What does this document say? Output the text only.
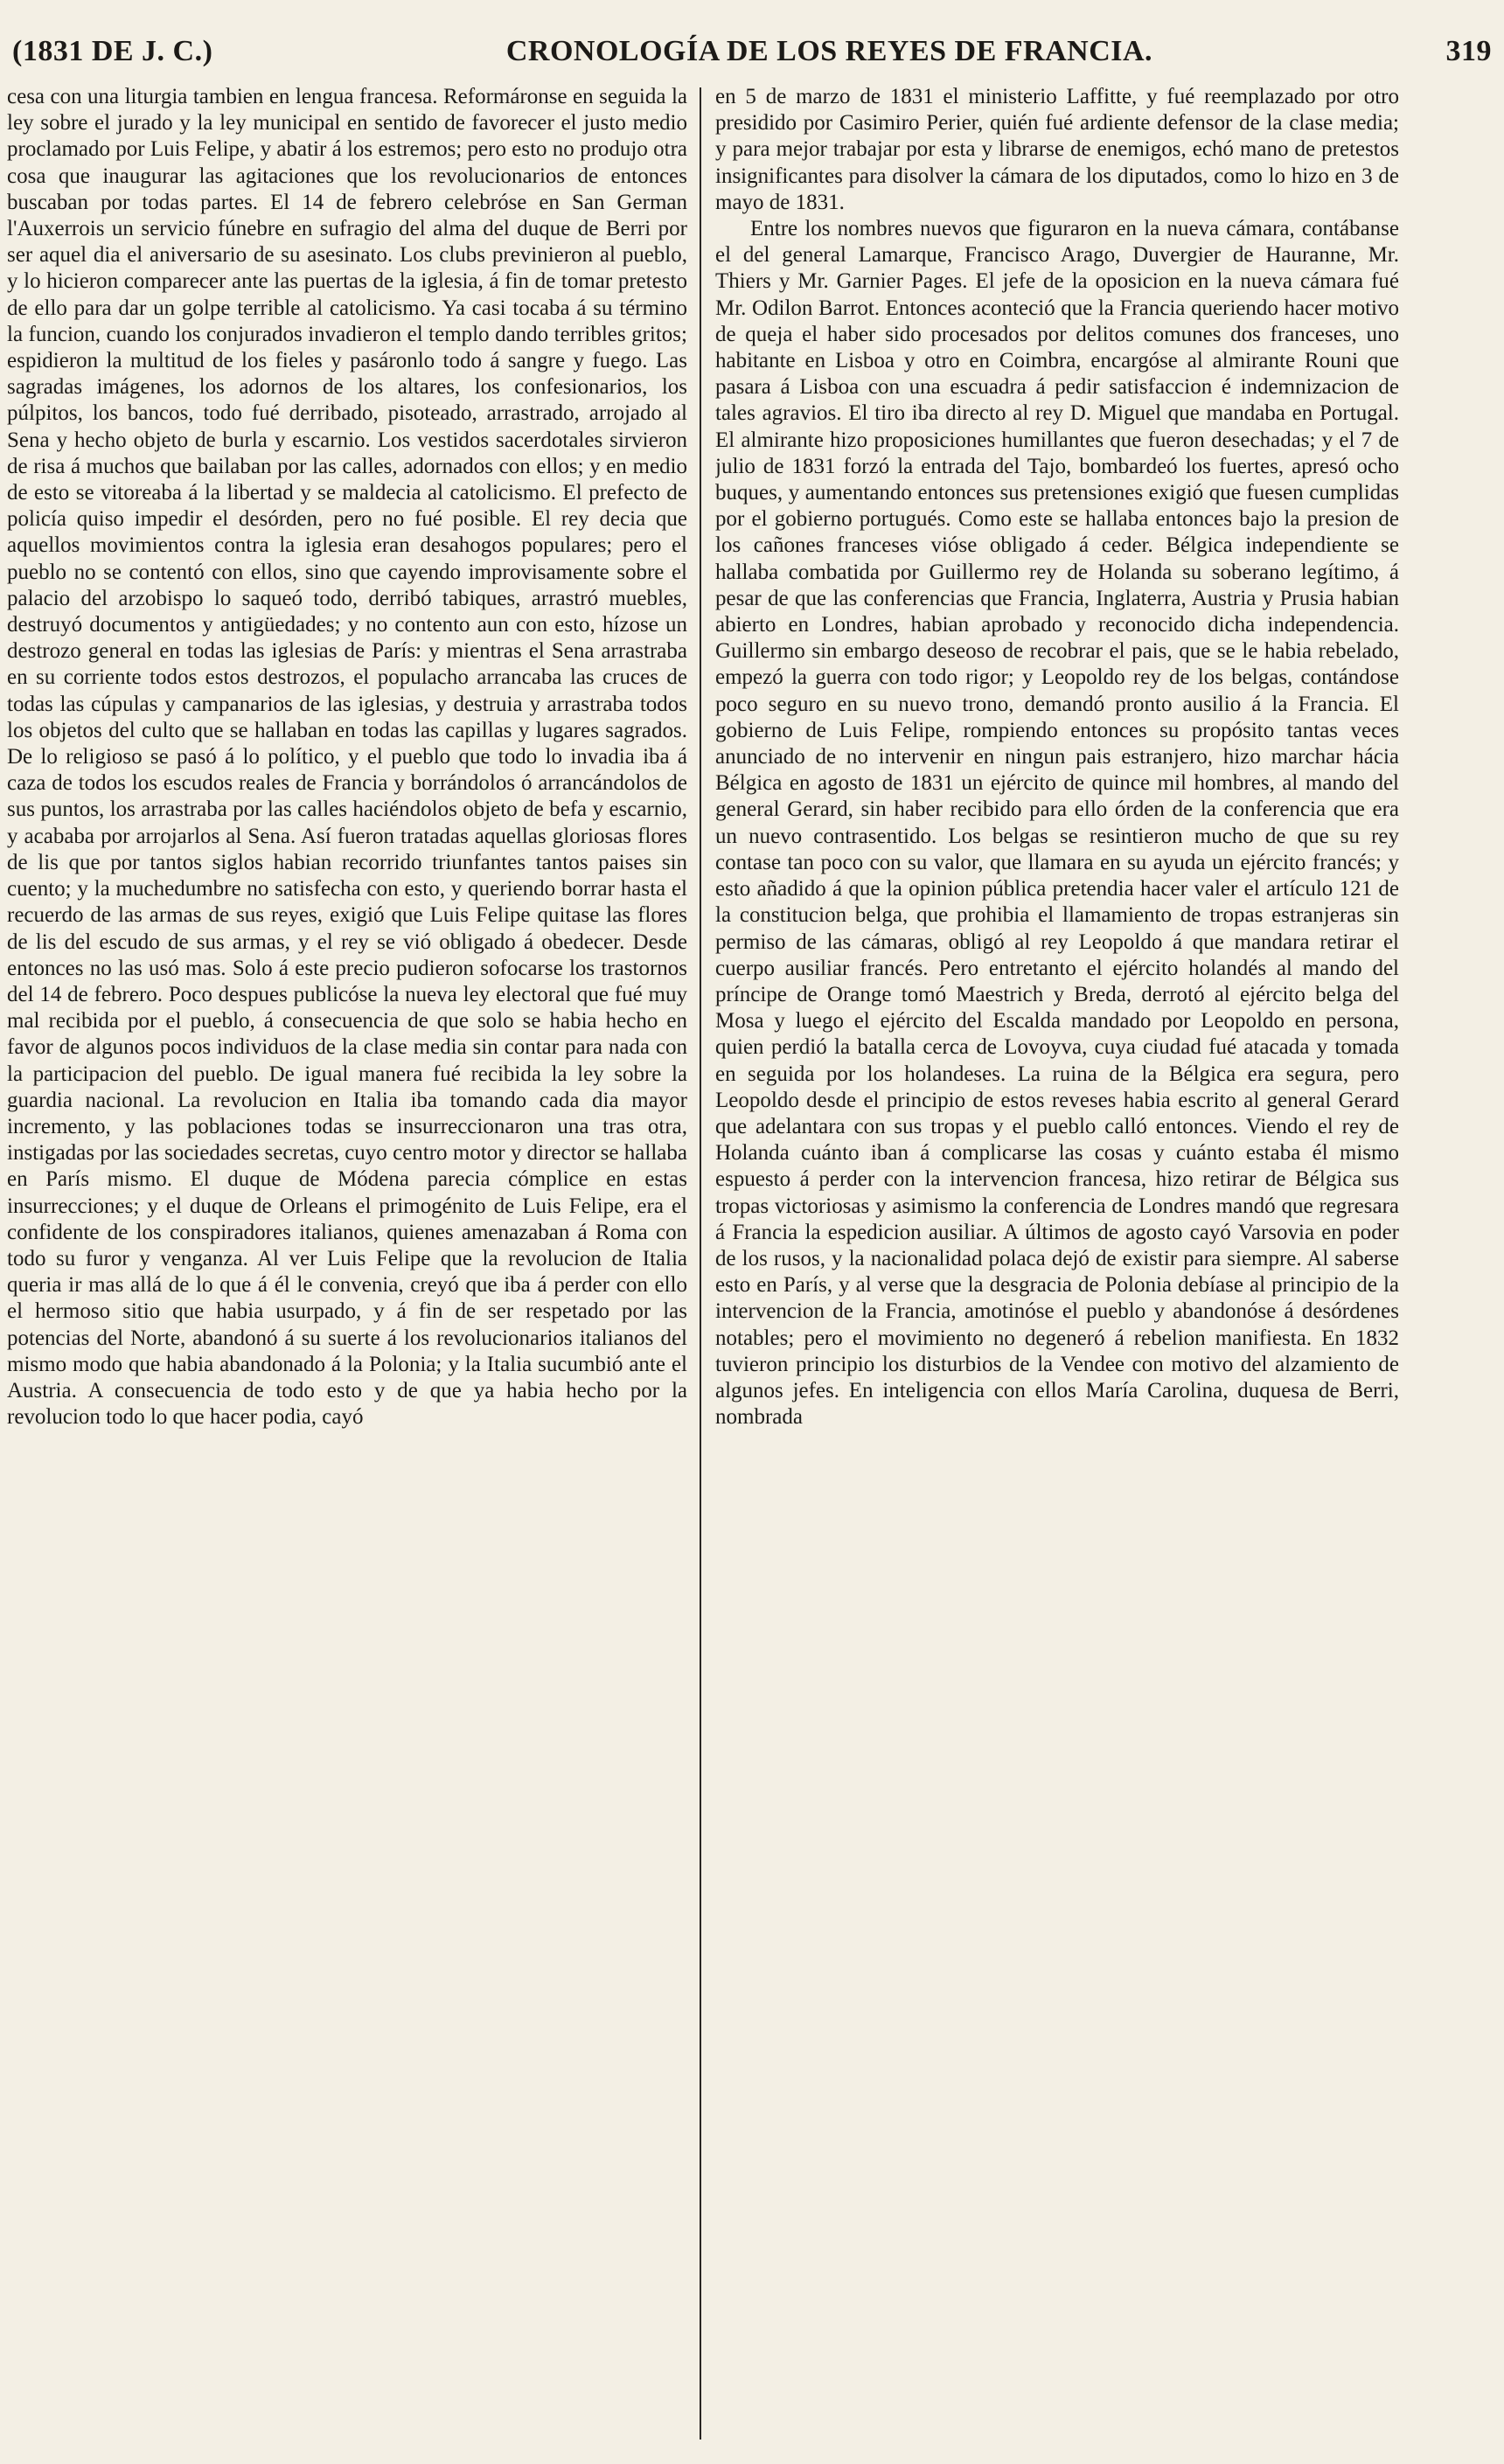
(1831 DE J. C.)	CRONOLOGÍA DE LOS REYES DE FRANCIA.	319

cesa con una liturgia tambien en lengua francesa. Reformáronse en seguida la ley sobre el jurado y la ley municipal en sentido de favorecer el justo medio proclamado por Luis Felipe, y abatir á los estremos; pero esto no produjo otra cosa que inaugurar las agitaciones que los revolucionarios de entonces buscaban por todas partes. El 14 de febrero celebróse en San German l'Auxerrois un servicio fúnebre en sufragio del alma del duque de Berri por ser aquel dia el aniversario de su asesinato. Los clubs previnieron al pueblo, y lo hicieron comparecer ante las puertas de la iglesia, á fin de tomar pretesto de ello para dar un golpe terrible al catolicismo. Ya casi tocaba á su término la funcion, cuando los conjurados invadieron el templo dando terribles gritos; espidieron la multitud de los fieles y pasáronlo todo á sangre y fuego. Las sagradas imágenes, los adornos de los altares, los confesionarios, los púlpitos, los bancos, todo fué derribado, pisoteado, arrastrado, arrojado al Sena y hecho objeto de burla y escarnio. Los vestidos sacerdotales sirvieron de risa á muchos que bailaban por las calles, adornados con ellos; y en medio de esto se vitoreaba á la libertad y se maldecia al catolicismo. El prefecto de policía quiso impedir el desórden, pero no fué posible. El rey decia que aquellos movimientos contra la iglesia eran desahogos populares; pero el pueblo no se contentó con ellos, sino que cayendo improvisamente sobre el palacio del arzobispo lo saqueó todo, derribó tabiques, arrastró muebles, destruyó documentos y antigüedades; y no contento aun con esto, hízose un destrozo general en todas las iglesias de París: y mientras el Sena arrastraba en su corriente todos estos destrozos, el populacho arrancaba las cruces de todas las cúpulas y campanarios de las iglesias, y destruia y arrastraba todos los objetos del culto que se hallaban en todas las capillas y lugares sagrados. De lo religioso se pasó á lo político, y el pueblo que todo lo invadia iba á caza de todos los escudos reales de Francia y borrándolos ó arrancándolos de sus puntos, los arrastraba por las calles haciéndolos objeto de befa y escarnio, y acababa por arrojarlos al Sena. Así fueron tratadas aquellas gloriosas flores de lis que por tantos siglos habian recorrido triunfantes tantos paises sin cuento; y la muchedumbre no satisfecha con esto, y queriendo borrar hasta el recuerdo de las armas de sus reyes, exigió que Luis Felipe quitase las flores de lis del escudo de sus armas, y el rey se vió obligado á obedecer. Desde entonces no las usó mas. Solo á este precio pudieron sofocarse los trastornos del 14 de febrero. Poco despues publicóse la nueva ley electoral que fué muy mal recibida por el pueblo, á consecuencia de que solo se habia hecho en favor de algunos pocos individuos de la clase media sin contar para nada con la participacion del pueblo. De igual manera fué recibida la ley sobre la guardia nacional. La revolucion en Italia iba tomando cada dia mayor incremento, y las poblaciones todas se insurreccionaron una tras otra, instigadas por las sociedades secretas, cuyo centro motor y director se hallaba en París mismo. El duque de Módena parecia cómplice en estas insurrecciones; y el duque de Orleans el primogénito de Luis Felipe, era el confidente de los conspiradores italianos, quienes amenazaban á Roma con todo su furor y venganza. Al ver Luis Felipe que la revolucion de Italia queria ir mas allá de lo que á él le convenia, creyó que iba á perder con ello el hermoso sitio que habia usurpado, y á fin de ser respetado por las potencias del Norte, abandonó á su suerte á los revolucionarios italianos del mismo modo que habia abandonado á la Polonia; y la Italia sucumbió ante el Austria. A consecuencia de todo esto y de que ya habia hecho por la revolucion todo lo que hacer podia, cayó

en 5 de marzo de 1831 el ministerio Laffitte, y fué reemplazado por otro presidido por Casimiro Perier, quién fué ardiente defensor de la clase media; y para mejor trabajar por esta y librarse de enemigos, echó mano de pretestos insignificantes para disolver la cámara de los diputados, como lo hizo en 3 de mayo de 1831.

Entre los nombres nuevos que figuraron en la nueva cámara, contábanse el del general Lamarque, Francisco Arago, Duvergier de Hauranne, Mr. Thiers y Mr. Garnier Pages. El jefe de la oposicion en la nueva cámara fué Mr. Odilon Barrot. Entonces aconteció que la Francia queriendo hacer motivo de queja el haber sido procesados por delitos comunes dos franceses, uno habitante en Lisboa y otro en Coimbra, encargóse al almirante Rouni que pasara á Lisboa con una escuadra á pedir satisfaccion é indemnizacion de tales agravios. El tiro iba directo al rey D. Miguel que mandaba en Portugal. El almirante hizo proposiciones humillantes que fueron desechadas; y el 7 de julio de 1831 forzó la entrada del Tajo, bombardeó los fuertes, apresó ocho buques, y aumentando entonces sus pretensiones exigió que fuesen cumplidas por el gobierno portugués. Como este se hallaba entonces bajo la presion de los cañones franceses vióse obligado á ceder. Bélgica independiente se hallaba combatida por Guillermo rey de Holanda su soberano legítimo, á pesar de que las conferencias que Francia, Inglaterra, Austria y Prusia habian abierto en Londres, habian aprobado y reconocido dicha independencia. Guillermo sin embargo deseoso de recobrar el pais, que se le habia rebelado, empezó la guerra con todo rigor; y Leopoldo rey de los belgas, contándose poco seguro en su nuevo trono, demandó pronto ausilio á la Francia. El gobierno de Luis Felipe, rompiendo entonces su propósito tantas veces anunciado de no intervenir en ningun pais estranjero, hizo marchar hácia Bélgica en agosto de 1831 un ejército de quince mil hombres, al mando del general Gerard, sin haber recibido para ello órden de la conferencia que era un nuevo contrasentido. Los belgas se resintieron mucho de que su rey contase tan poco con su valor, que llamara en su ayuda un ejército francés; y esto añadido á que la opinion pública pretendia hacer valer el artículo 121 de la constitucion belga, que prohibia el llamamiento de tropas estranjeras sin permiso de las cámaras, obligó al rey Leopoldo á que mandara retirar el cuerpo ausiliar francés. Pero entretanto el ejército holandés al mando del príncipe de Orange tomó Maestrich y Breda, derrotó al ejército belga del Mosa y luego el ejército del Escalda mandado por Leopoldo en persona, quien perdió la batalla cerca de Lovoyva, cuya ciudad fué atacada y tomada en seguida por los holandeses. La ruina de la Bélgica era segura, pero Leopoldo desde el principio de estos reveses habia escrito al general Gerard que adelantara con sus tropas y el pueblo calló entonces. Viendo el rey de Holanda cuánto iban á complicarse las cosas y cuánto estaba él mismo espuesto á perder con la intervencion francesa, hizo retirar de Bélgica sus tropas victoriosas y asimismo la conferencia de Londres mandó que regresara á Francia la espedicion ausiliar. A últimos de agosto cayó Varsovia en poder de los rusos, y la nacionalidad polaca dejó de existir para siempre. Al saberse esto en París, y al verse que la desgracia de Polonia debíase al principio de la intervencion de la Francia, amotinóse el pueblo y abandonóse á desórdenes notables; pero el movimiento no degeneró á rebelion manifiesta. En 1832 tuvieron principio los disturbios de la Vendee con motivo del alzamiento de algunos jefes. En inteligencia con ellos María Carolina, duquesa de Berri, nombrada
